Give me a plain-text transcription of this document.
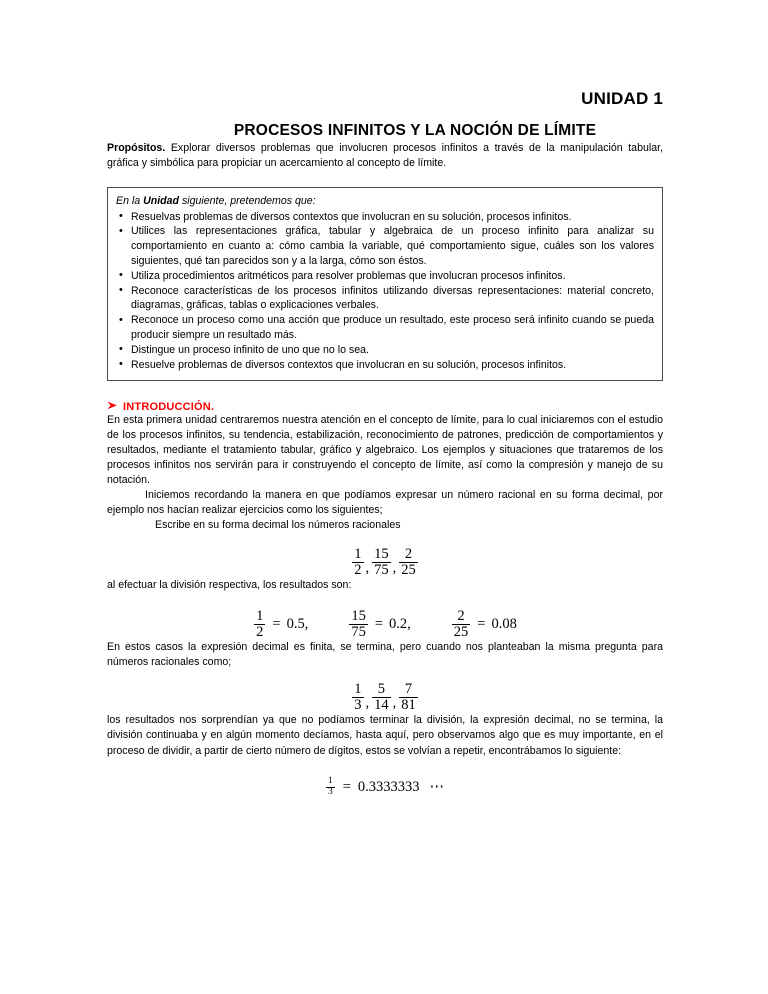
UNIDAD 1
PROCESOS INFINITOS Y LA NOCIÓN DE LÍMITE

Propósitos. Explorar diversos problemas que involucren procesos infinitos a través de la manipulación tabular, gráfica y simbólica para propiciar un acercamiento al concepto de límite.

En la Unidad siguiente, pretendemos que:

• Resuelvas problemas de diversos contextos que involucran en su solución, procesos infinitos.
• Utilices las representaciones gráfica, tabular y algebraica de un proceso infinito para analizar su comportamiento en cuanto a: cómo cambia la variable, qué comportamiento sigue, cuáles son los valores siguientes, qué tan parecidos son y a la larga, cómo son éstos.
• Utiliza procedimientos aritméticos para resolver problemas que involucran procesos infinitos.
• Reconoce características de los procesos infinitos utilizando diversas representaciones: material concreto, diagramas, gráficas, tablas o explicaciones verbales.
• Reconoce un proceso como una acción que produce un resultado, este proceso será infinito cuando se pueda producir siempre un resultado más.
• Distingue un proceso infinito de uno que no lo sea.
• Resuelve problemas de diversos contextos que involucran en su solución, procesos infinitos.
INTRODUCCIÓN.

En esta primera unidad centraremos nuestra atención en el concepto de límite, para lo cual iniciaremos con el estudio de los procesos infinitos, su tendencia, estabilización, reconocimiento de patrones, predicción de comportamientos y resultados, mediante el tratamiento tabular, gráfico y algebraico. Los ejemplos y situaciones que trataremos de los procesos infinitos nos servirán para ir construyendo el concepto de límite, así como la compresión y manejo de su notación.

Iniciemos recordando la manera en que podíamos expresar un número racional en su forma decimal, por ejemplo nos hacían realizar ejercicios como los siguientes;

Escribe en su forma decimal los números racionales

$\frac{1}{2}$ , $\frac{15}{75}$ , $\frac{2}{25}$

al efectuar la división respectiva, los resultados son:

$\frac{1}{2} = 0.5$,	$\frac{15}{75} = 0.2$,	$\frac{2}{25} = 0.08$

En estos casos la expresión decimal es finita, se termina, pero cuando nos planteaban la misma pregunta para números racionales como;

$\frac{1}{3}$ , $\frac{5}{14}$ , $\frac{7}{81}$

los resultados nos sorprendían ya que no podíamos terminar la división, la expresión decimal, no se termina, la división continuaba y en algún momento decíamos, hasta aquí, pero observamos algo que es muy importante, en el proceso de dividir, a partir de cierto número de dígitos, estos se volvían a repetir, encontrábamos lo siguiente:

$\frac{1}{3} = 0.3333333$ ⋯
